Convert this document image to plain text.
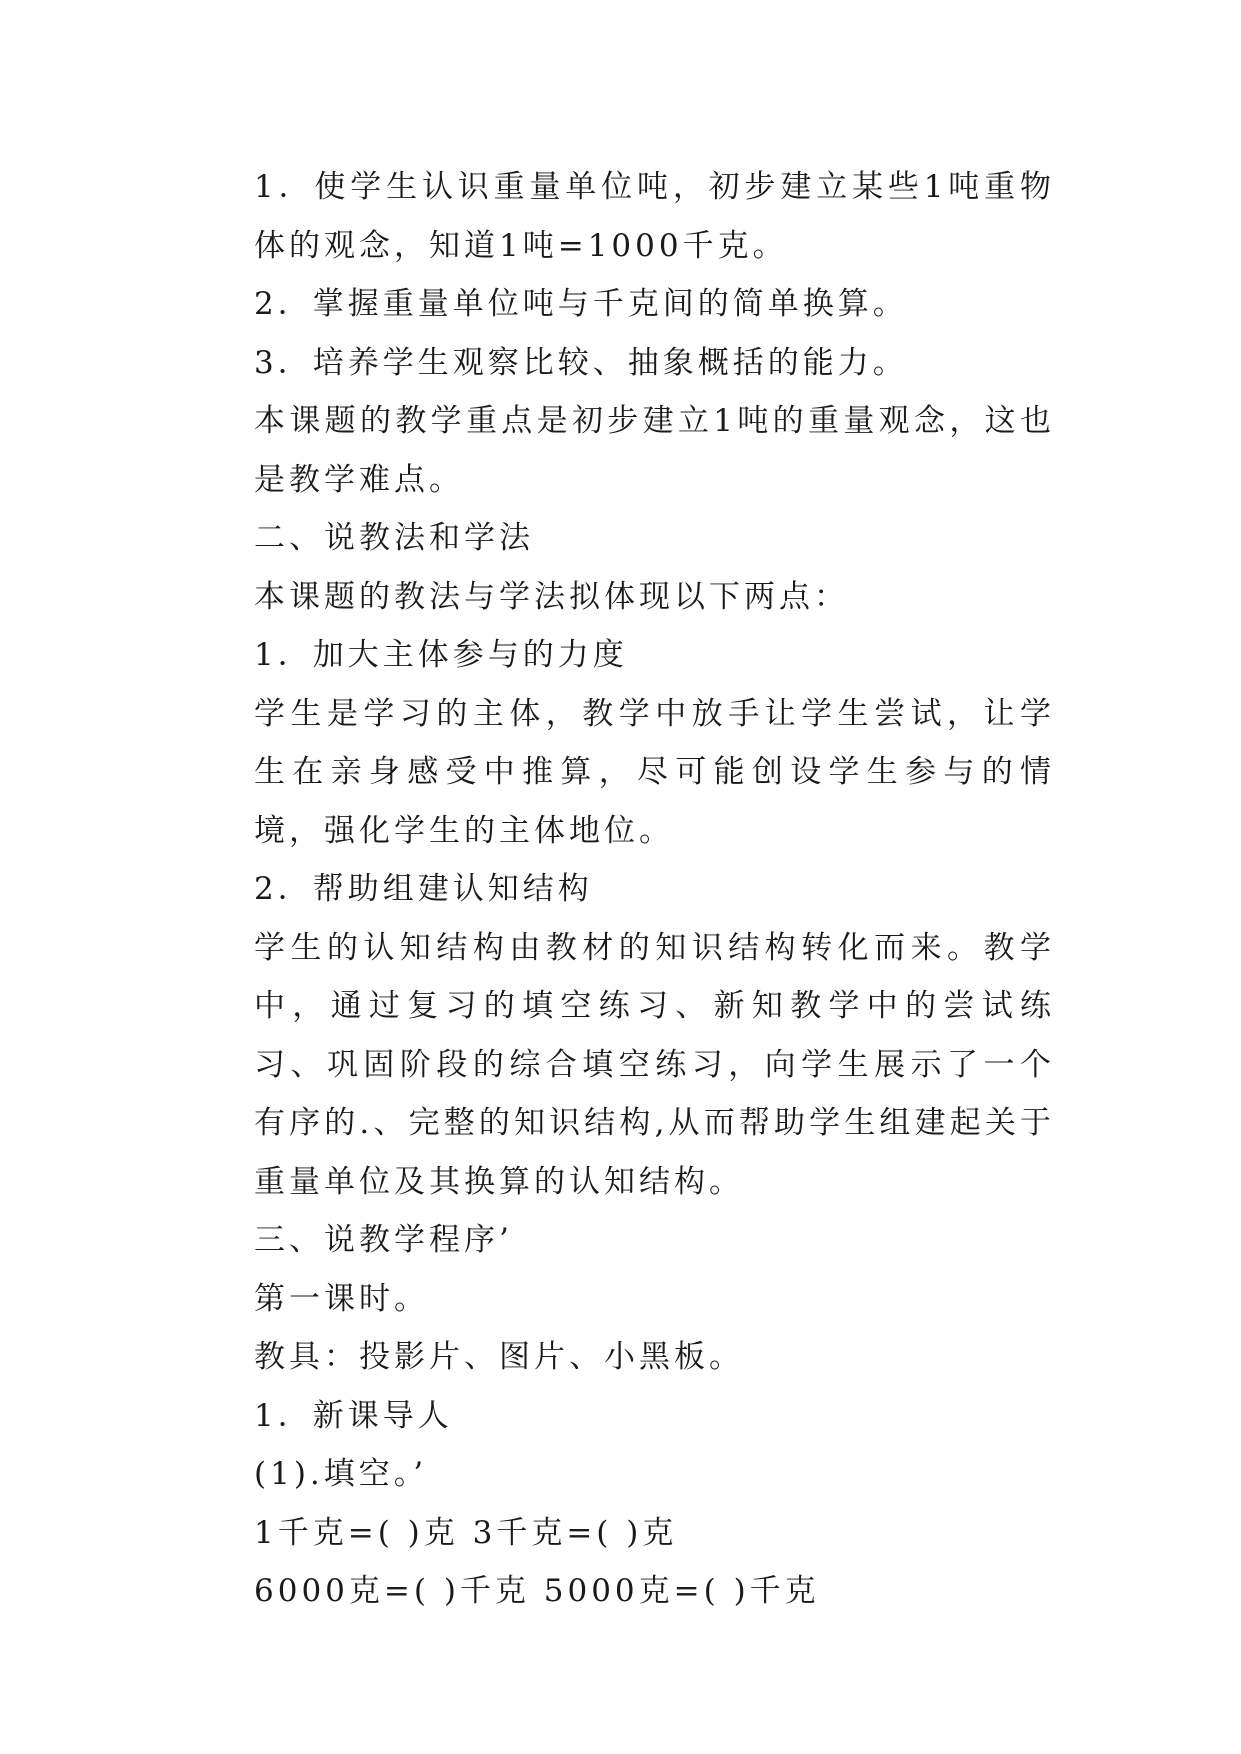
1．使学生认识重量单位吨，初步建立某些1吨重物体的观念，知道1吨=1000千克。

2．掌握重量单位吨与千克间的简单换算。

3．培养学生观察比较、抽象概括的能力。

本课题的教学重点是初步建立1吨的重量观念，这也是教学难点。

二、说教法和学法

本课题的教法与学法拟体现以下两点：

1．加大主体参与的力度

学生是学习的主体，教学中放手让学生尝试，让学生在亲身感受中推算，尽可能创设学生参与的情境，强化学生的主体地位。

2．帮助组建认知结构

学生的认知结构由教材的知识结构转化而来。教学中，通过复习的填空练习、新知教学中的尝试练习、巩固阶段的综合填空练习，向学生展示了一个有序的.、完整的知识结构,从而帮助学生组建起关于重量单位及其换算的认知结构。

三、说教学程序’

第一课时。

教具：投影片、图片、小黑板。

1．新课导人

(1).填空。’

1千克=( )克 3千克=( )克

6000克=( )千克 5000克=( )千克
